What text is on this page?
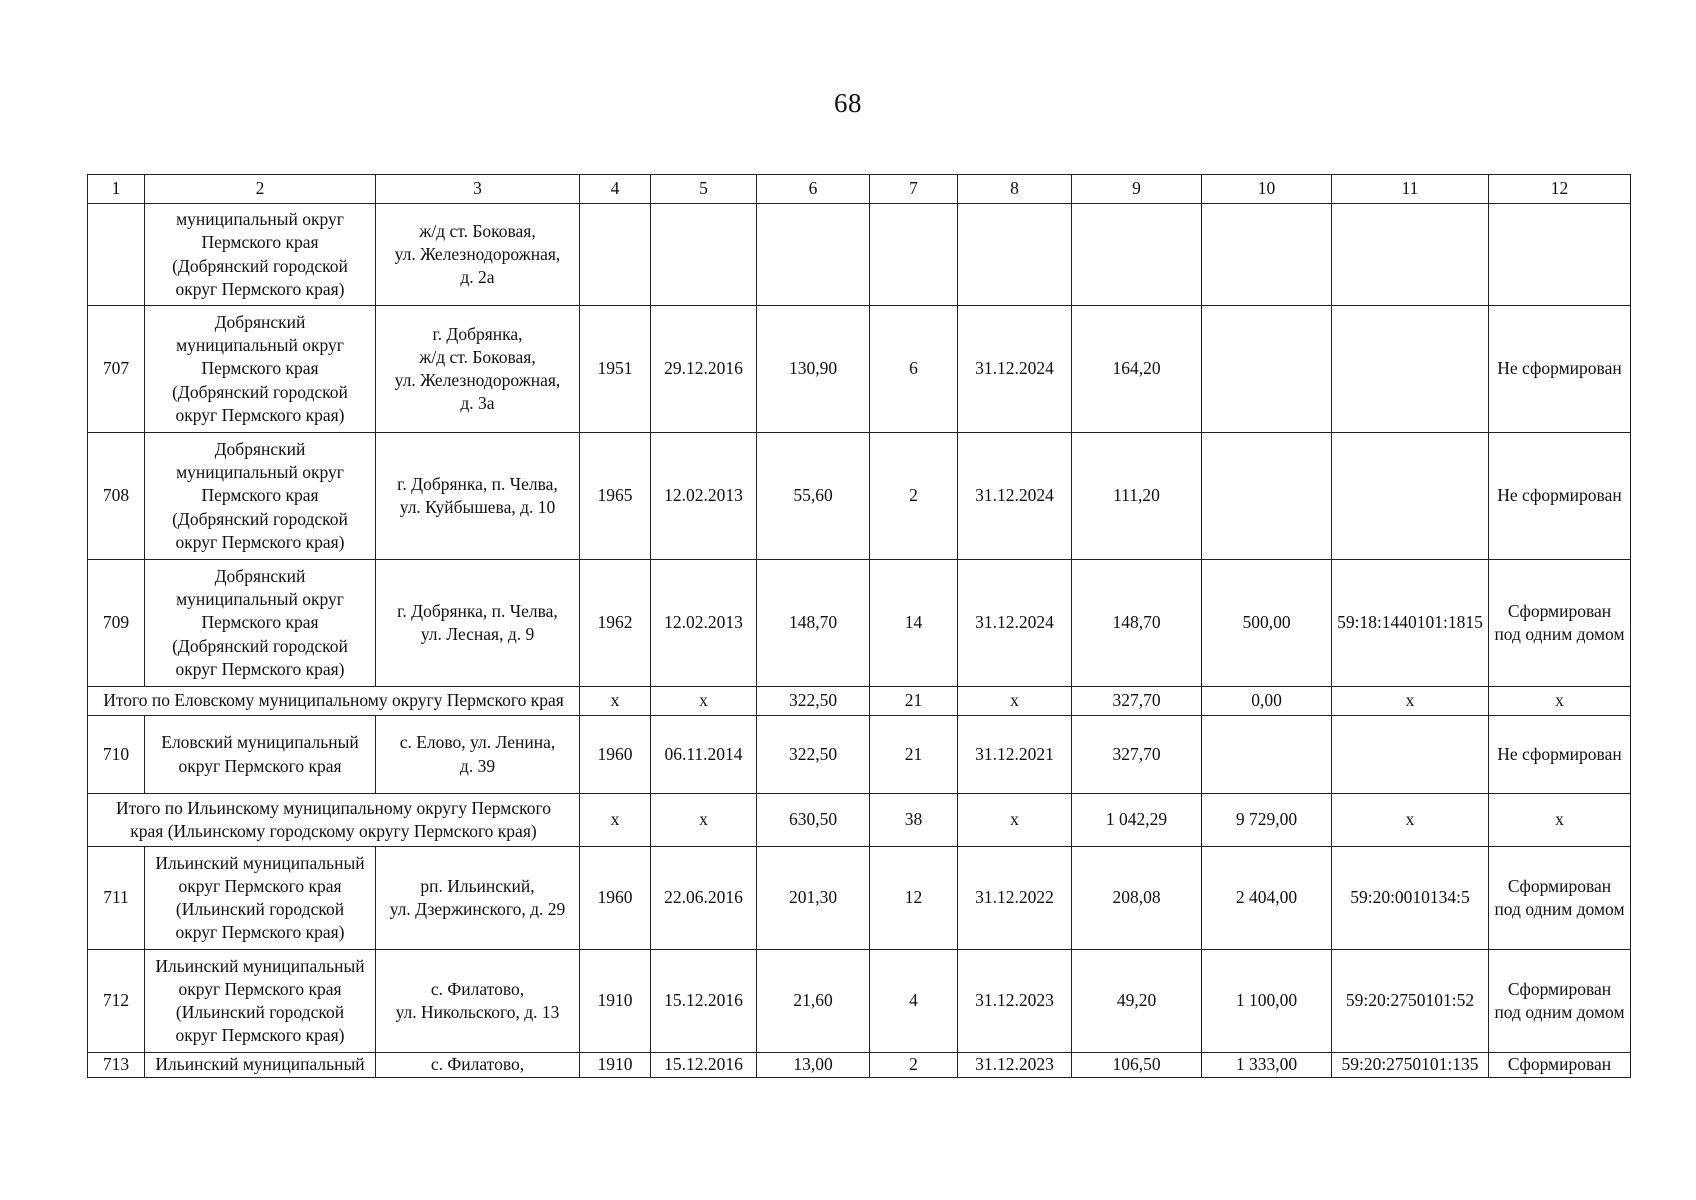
68
1	2	3	4	5	6	7	8	9	10	11	12
	муниципальный округ
Пермского края
(Добрянский городской
округ Пермского края)	ж/д ст. Боковая,
ул. Железнодорожная,
д. 2а									
707	Добрянский
муниципальный округ
Пермского края
(Добрянский городской
округ Пермского края)	г. Добрянка,
ж/д ст. Боковая,
ул. Железнодорожная,
д. 3а	1951	29.12.2016	130,90	6	31.12.2024	164,20			Не сформирован
708	Добрянский
муниципальный округ
Пермского края
(Добрянский городской
округ Пермского края)	г. Добрянка, п. Челва,
ул. Куйбышева, д. 10	1965	12.02.2013	55,60	2	31.12.2024	111,20			Не сформирован
709	Добрянский
муниципальный округ
Пермского края
(Добрянский городской
округ Пермского края)	г. Добрянка, п. Челва,
ул. Лесная, д. 9	1962	12.02.2013	148,70	14	31.12.2024	148,70	500,00	59:18:1440101:1815	Сформирован
под одним домом
Итого по Еловскому муниципальному округу Пермского края			x	x	322,50	21	x	327,70	0,00	x	x
710	Еловский муниципальный
округ Пермского края	с. Елово, ул. Ленина,
д. 39	1960	06.11.2014	322,50	21	31.12.2021	327,70			Не сформирован
Итого по Ильинскому муниципальному округу Пермского
края (Ильинскому городскому округу Пермского края)			x	x	630,50	38	x	1 042,29	9 729,00	x	x
711	Ильинский муниципальный
округ Пермского края
(Ильинский городской
округ Пермского края)	рп. Ильинский,
ул. Дзержинского, д. 29	1960	22.06.2016	201,30	12	31.12.2022	208,08	2 404,00	59:20:0010134:5	Сформирован
под одним домом
712	Ильинский муниципальный
округ Пермского края
(Ильинский городской
округ Пермского края)	с. Филатово,
ул. Никольского, д. 13	1910	15.12.2016	21,60	4	31.12.2023	49,20	1 100,00	59:20:2750101:52	Сформирован
под одним домом
713	Ильинский муниципальный	с. Филатово,	1910	15.12.2016	13,00	2	31.12.2023	106,50	1 333,00	59:20:2750101:135	Сформирован
